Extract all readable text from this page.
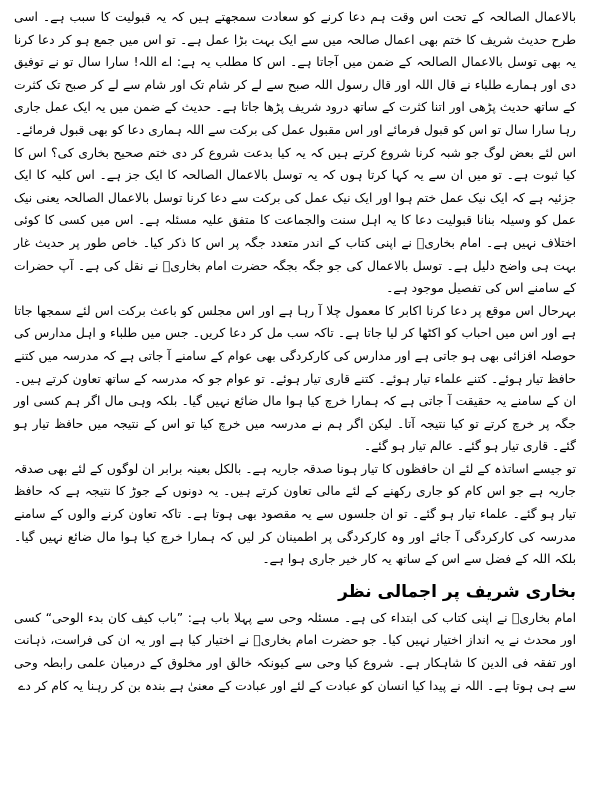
بالاعمال الصالحہ کے تحت اس وقت ہم دعا کرنے کو سعادت سمجھتے ہیں کہ یہ قبولیت کا سبب ہے۔ اسی طرح حدیث شریف کا ختم بھی اعمال صالحہ میں سے ایک بہت بڑا عمل ہے۔ تو اس میں جمع ہو کر دعا کرنا یہ بھی توسل بالاعمال الصالحہ کے ضمن میں آجاتا ہے۔ اس کا مطلب یہ ہے: اے اللہ! سارا سال تو نے توفیق دی اور ہمارے طلباء نے قال اللہ اور قال رسول اللہ صبح سے لے کر شام تک اور شام سے لے کر صبح تک کثرت کے ساتھ حدیث پڑھی اور اتنا کثرت کے ساتھ درود شریف پڑھا جاتا ہے۔ حدیث کے ضمن میں یہ ایک عمل جاری رہا سارا سال تو اس کو قبول فرمائے اور اس مقبول عمل کی برکت سے اللہ ہماری دعا کو بھی قبول فرمائے۔

اس لئے بعض لوگ جو شبہ کرنا شروع کرتے ہیں کہ یہ کیا بدعت شروع کر دی ختم صحیح بخاری کی؟ اس کا کیا ثبوت ہے۔ تو میں ان سے یہ کہا کرتا ہوں کہ یہ توسل بالاعمال الصالحہ کا ایک جز ہے۔ اس کلیہ کا ایک جزئیہ ہے کہ ایک نیک عمل ختم ہوا اور ایک نیک عمل کی برکت سے دعا کرنا توسل بالاعمال الصالحہ یعنی نیک عمل کو وسیلہ بنانا قبولیت دعا کا یہ اہل سنت والجماعت کا متفق علیہ مسئلہ ہے۔ اس میں کسی کا کوئی اختلاف نہیں ہے۔ امام بخاریؒ نے اپنی کتاب کے اندر متعدد جگہ پر اس کا ذکر کیا۔ خاص طور پر حدیث غار بہت ہی واضح دلیل ہے۔ توسل بالاعمال کی جو جگہ بجگہ حضرت امام بخاریؒ نے نقل کی ہے۔ آپ حضرات کے سامنے اس کی تفصیل موجود ہے۔

بہرحال اس موقع پر دعا کرنا اکابر کا معمول چلا آ رہا ہے اور اس مجلس کو باعث برکت اس لئے سمجھا جاتا ہے اور اس میں احباب کو اکٹھا کر لیا جاتا ہے۔ تاکہ سب مل کر دعا کریں۔ جس میں طلباء و اہل مدارس کی حوصلہ افزائی بھی ہو جاتی ہے اور مدارس کی کارکردگی بھی عوام کے سامنے آ جاتی ہے کہ مدرسہ میں کتنے حافظ تیار ہوئے۔ کتنے علماء تیار ہوئے۔ کتنے قاری تیار ہوئے۔ تو عوام جو کہ مدرسہ کے ساتھ تعاون کرتے ہیں۔ ان کے سامنے یہ حقیقت آ جاتی ہے کہ ہمارا خرچ کیا ہوا مال ضائع نہیں گیا۔ بلکہ وہی مال اگر ہم کسی اور جگہ پر خرچ کرتے تو کیا نتیجہ آتا۔ لیکن اگر ہم نے مدرسہ میں خرچ کیا تو اس کے نتیجہ میں حافظ تیار ہو گئے۔ قاری تیار ہو گئے۔ عالم تیار ہو گئے۔

تو جیسے اساتذہ کے لئے ان حافظوں کا تیار ہونا صدقہ جاریہ ہے۔ بالکل بعینہ برابر ان لوگوں کے لئے بھی صدقہ جاریہ ہے جو اس کام کو جاری رکھنے کے لئے مالی تعاون کرتے ہیں۔ یہ دونوں کے جوڑ کا نتیجہ ہے کہ حافظ تیار ہو گئے۔ علماء تیار ہو گئے۔ تو ان جلسوں سے یہ مقصود بھی ہوتا ہے۔ تاکہ تعاون کرنے والوں کے سامنے مدرسہ کی کارکردگی آ جائے اور وہ کارکردگی پر اطمینان کر لیں کہ ہمارا خرچ کیا ہوا مال ضائع نہیں گیا۔ بلکہ اللہ کے فضل سے اس کے ساتھ یہ کار خیر جاری ہوا ہے۔

بخاری شریف پر اجمالی نظر

امام بخاریؒ نے اپنی کتاب کی ابتداء کی ہے۔ مسئلہ وحی سے پہلا باب ہے: ”باب کیف کان بدء الوحی“ کسی اور محدث نے یہ انداز اختیار نہیں کیا۔ جو حضرت امام بخاریؒ نے اختیار کیا ہے اور یہ ان کی فراست، ذہانت اور تفقہ فی الدین کا شاہکار ہے۔ شروع کیا وحی سے کیونکہ خالق اور مخلوق کے درمیان علمی رابطہ وحی سے ہی ہوتا ہے۔ اللہ نے پیدا کیا انسان کو عبادت کے لئے اور عبادت کے معنیٰ ہے بندہ بن کر رہنا یہ کام کر دے
